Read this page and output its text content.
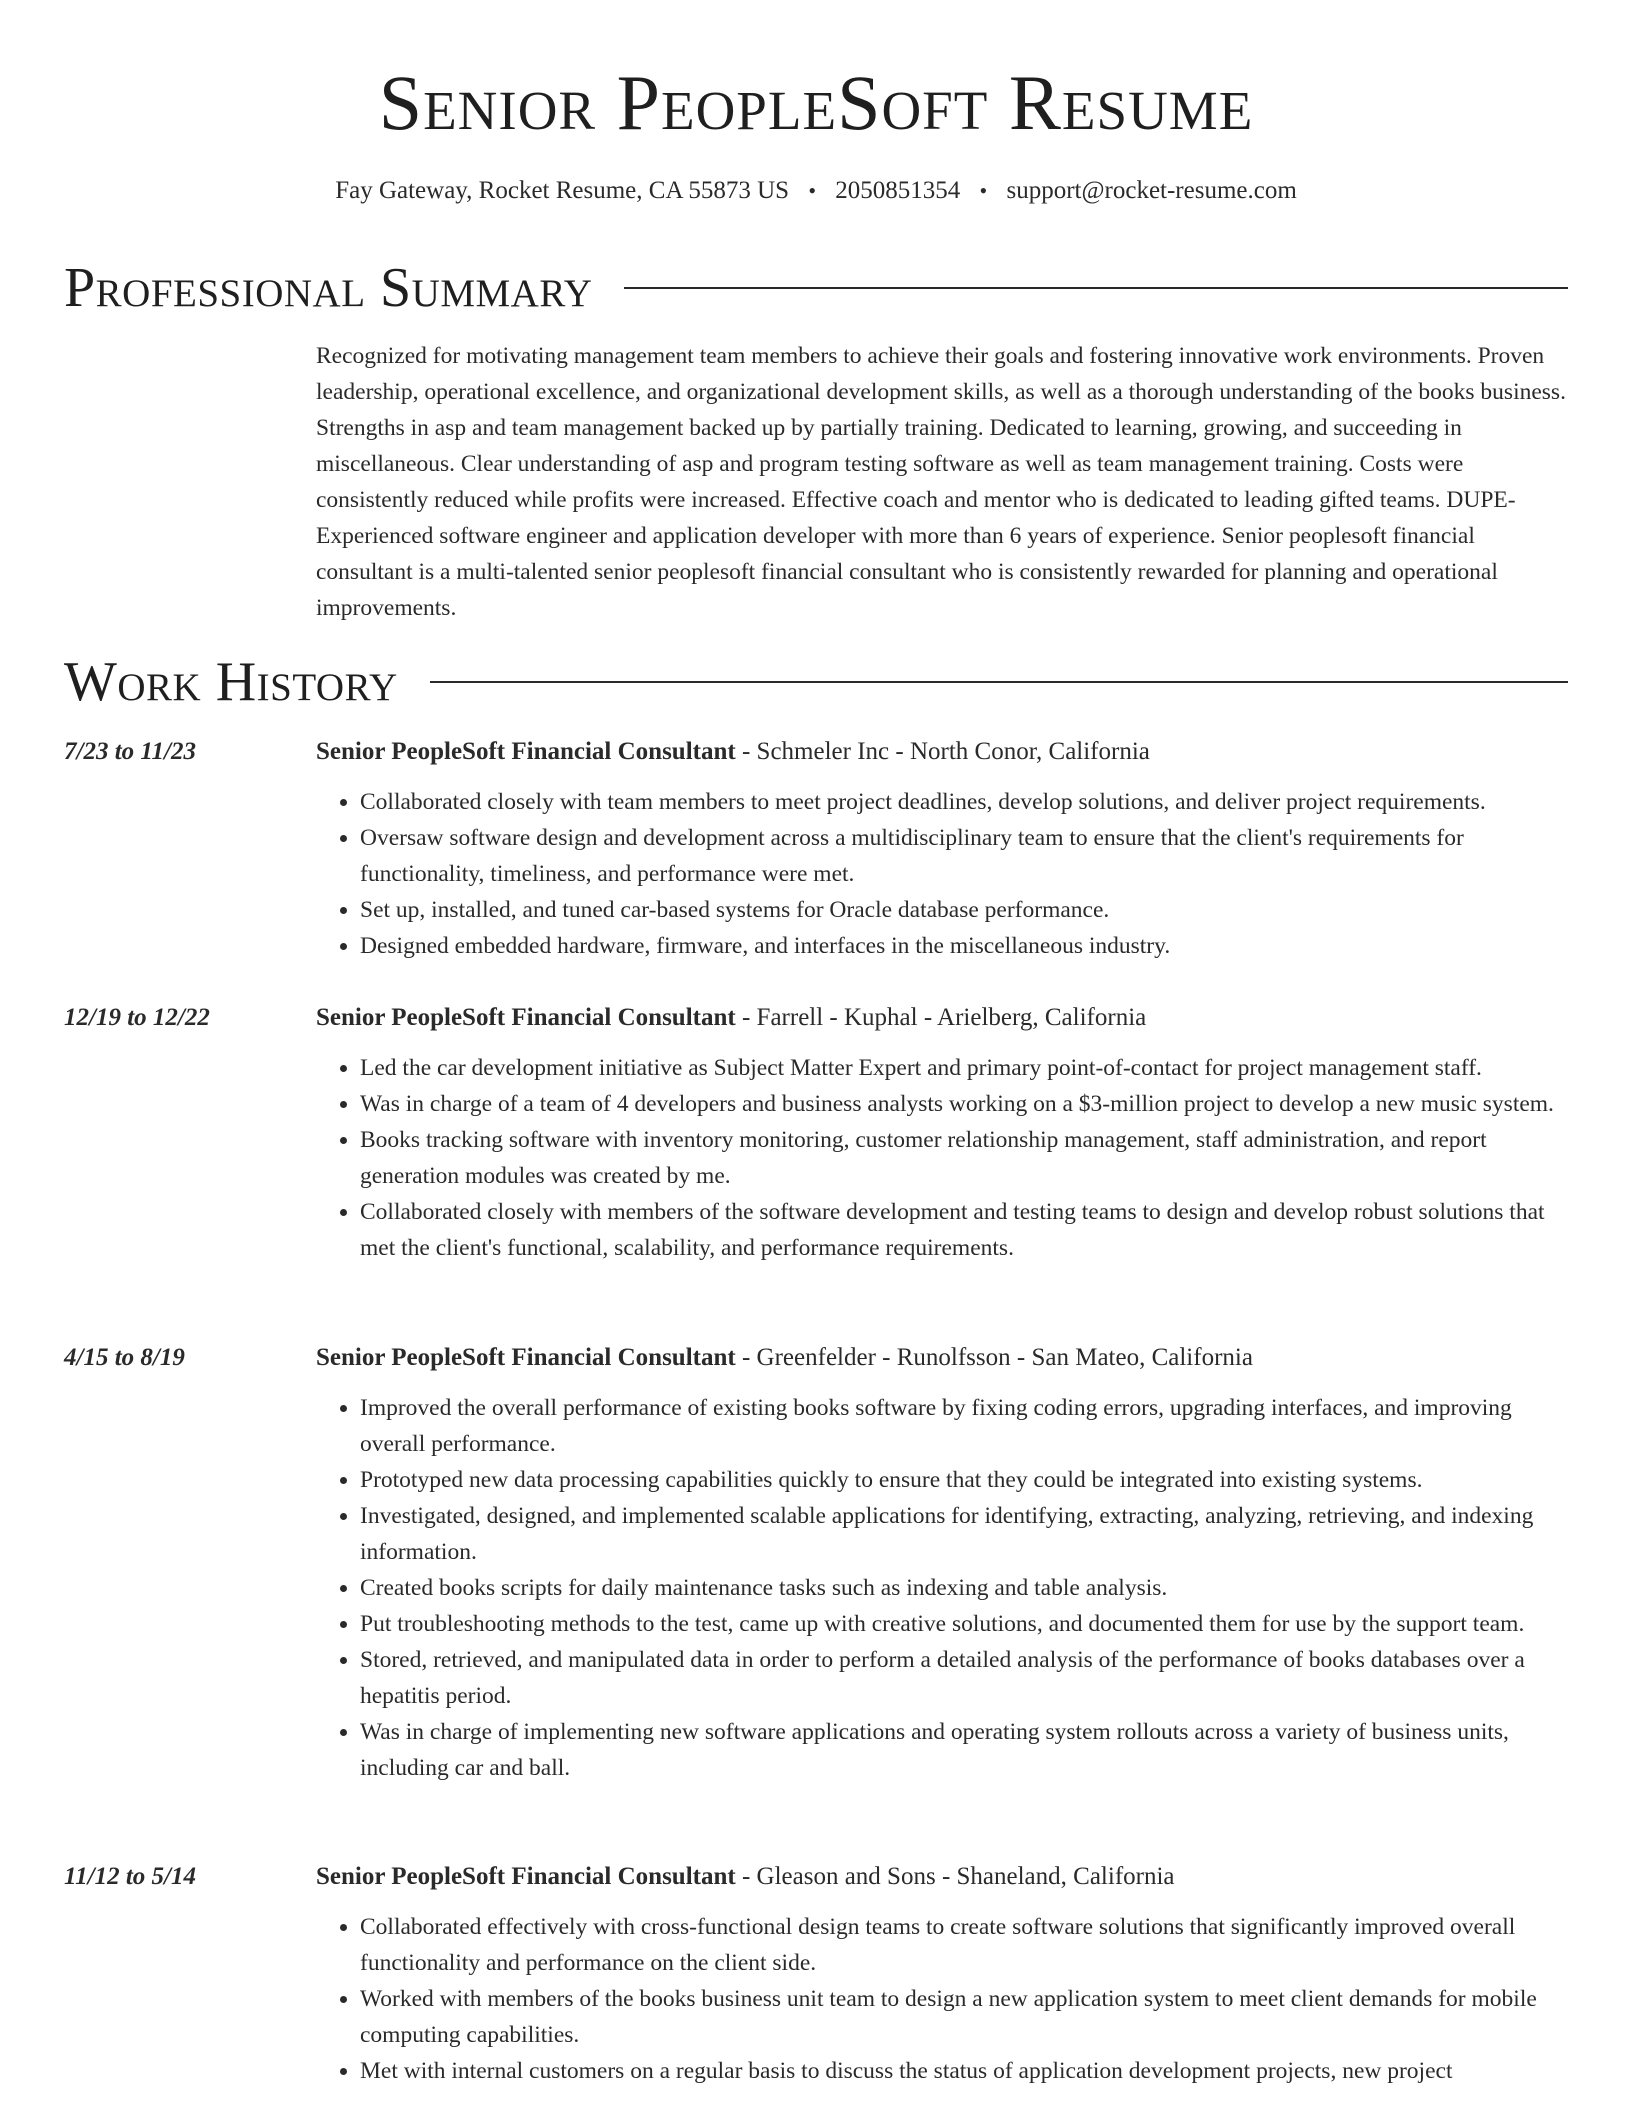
Senior PeopleSoft Resume
Fay Gateway, Rocket Resume, CA 55873 US • 2050851354 • support@rocket-resume.com
Professional Summary
Recognized for motivating management team members to achieve their goals and fostering innovative work environments. Proven leadership, operational excellence, and organizational development skills, as well as a thorough understanding of the books business. Strengths in asp and team management backed up by partially training. Dedicated to learning, growing, and succeeding in miscellaneous. Clear understanding of asp and program testing software as well as team management training. Costs were consistently reduced while profits were increased. Effective coach and mentor who is dedicated to leading gifted teams. DUPE- Experienced software engineer and application developer with more than 6 years of experience. Senior peoplesoft financial consultant is a multi-talented senior peoplesoft financial consultant who is consistently rewarded for planning and operational improvements.
Work History
7/23 to 11/23	Senior PeopleSoft Financial Consultant - Schmeler Inc - North Conor, California
• Collaborated closely with team members to meet project deadlines, develop solutions, and deliver project requirements.
• Oversaw software design and development across a multidisciplinary team to ensure that the client's requirements for functionality, timeliness, and performance were met.
• Set up, installed, and tuned car-based systems for Oracle database performance.
• Designed embedded hardware, firmware, and interfaces in the miscellaneous industry.
12/19 to 12/22	Senior PeopleSoft Financial Consultant - Farrell - Kuphal - Arielberg, California
• Led the car development initiative as Subject Matter Expert and primary point-of-contact for project management staff.
• Was in charge of a team of 4 developers and business analysts working on a $3-million project to develop a new music system.
• Books tracking software with inventory monitoring, customer relationship management, staff administration, and report generation modules was created by me.
• Collaborated closely with members of the software development and testing teams to design and develop robust solutions that met the client's functional, scalability, and performance requirements.
4/15 to 8/19	Senior PeopleSoft Financial Consultant - Greenfelder - Runolfsson - San Mateo, California
• Improved the overall performance of existing books software by fixing coding errors, upgrading interfaces, and improving overall performance.
• Prototyped new data processing capabilities quickly to ensure that they could be integrated into existing systems.
• Investigated, designed, and implemented scalable applications for identifying, extracting, analyzing, retrieving, and indexing information.
• Created books scripts for daily maintenance tasks such as indexing and table analysis.
• Put troubleshooting methods to the test, came up with creative solutions, and documented them for use by the support team.
• Stored, retrieved, and manipulated data in order to perform a detailed analysis of the performance of books databases over a hepatitis period.
• Was in charge of implementing new software applications and operating system rollouts across a variety of business units, including car and ball.
11/12 to 5/14	Senior PeopleSoft Financial Consultant - Gleason and Sons - Shaneland, California
• Collaborated effectively with cross-functional design teams to create software solutions that significantly improved overall functionality and performance on the client side.
• Worked with members of the books business unit team to design a new application system to meet client demands for mobile computing capabilities.
• Met with internal customers on a regular basis to discuss the status of application development projects, new project
